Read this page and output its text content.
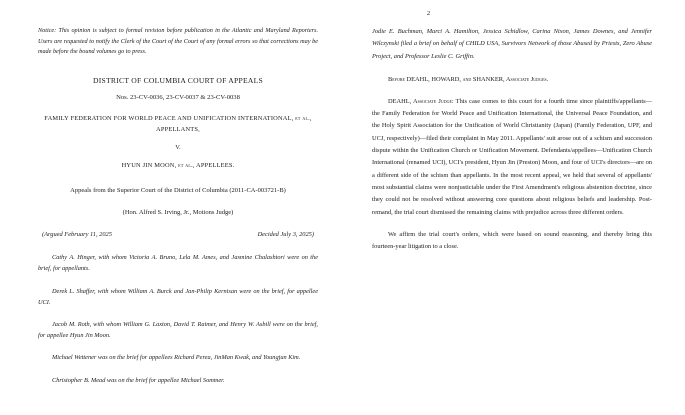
2
Notice: This opinion is subject to formal revision before publication in the Atlantic and Maryland Reporters. Users are requested to notify the Clerk of the Court of the Court of any formal errors so that corrections may be made before the bound volumes go to press.
DISTRICT OF COLUMBIA COURT OF APPEALS
Nos. 23-CV-0036, 23-CV-0037 & 23-CV-0038
FAMILY FEDERATION FOR WORLD PEACE AND UNIFICATION INTERNATIONAL, et al., APPELLANTS,
V.
HYUN JIN MOON, et al., APPELLEES.
Appeals from the Superior Court of the District of Columbia (2011-CA-003721-B)
(Hon. Alfred S. Irving, Jr., Motions Judge)
(Argued February 11, 2025	Decided July 3, 2025)
Cathy A. Hinger, with whom Victoria A. Bruno, Lela M. Ames, and Jasmine Chalashtori were on the brief, for appellants.
Derek L. Shaffer, with whom William A. Burck and Jan-Philip Kernisan were on the brief, for appellee UCI.
Jacob M. Roth, with whom William G. Laxton, David T. Raimer, and Henry W. Asbill were on the brief, for appellee Hyun Jin Moon.
Michael Wettener was on the brief for appellees Richard Perea, JinMan Kwak, and Youngjun Kim.
Christopher B. Mead was on the brief for appellee Michael Sommer.
Jodie E. Buchman, Marci A. Hamilton, Jessica Schidlow, Carina Nixon, James Downes, and Jennifer Wilczynski filed a brief on behalf of CHILD USA, Survivors Network of those Abused by Priests, Zero Abuse Project, and Professor Leslie C. Griffin.
Before DEAHL, HOWARD, and SHANKER, Associate Judges.
DEAHL, Associate Judge: This case comes to this court for a fourth time since plaintiffs/appellants—the Family Federation for World Peace and Unification International, the Universal Peace Foundation, and the Holy Spirit Association for the Unification of World Christianity (Japan) (Family Federation, UPF, and UCJ, respectively)—filed their complaint in May 2011. Appellants' suit arose out of a schism and succession dispute within the Unification Church or Unification Movement. Defendants/appellees—Unification Church International (renamed UCI), UCI's president, Hyun Jin (Preston) Moon, and four of UCI's directors—are on a different side of the schism than appellants. In the most recent appeal, we held that several of appellants' most substantial claims were nonjusticiable under the First Amendment's religious abstention doctrine, since they could not be resolved without answering core questions about religious beliefs and leadership. Post-remand, the trial court dismissed the remaining claims with prejudice across three different orders.
We affirm the trial court's orders, which were based on sound reasoning, and thereby bring this fourteen-year litigation to a close.
